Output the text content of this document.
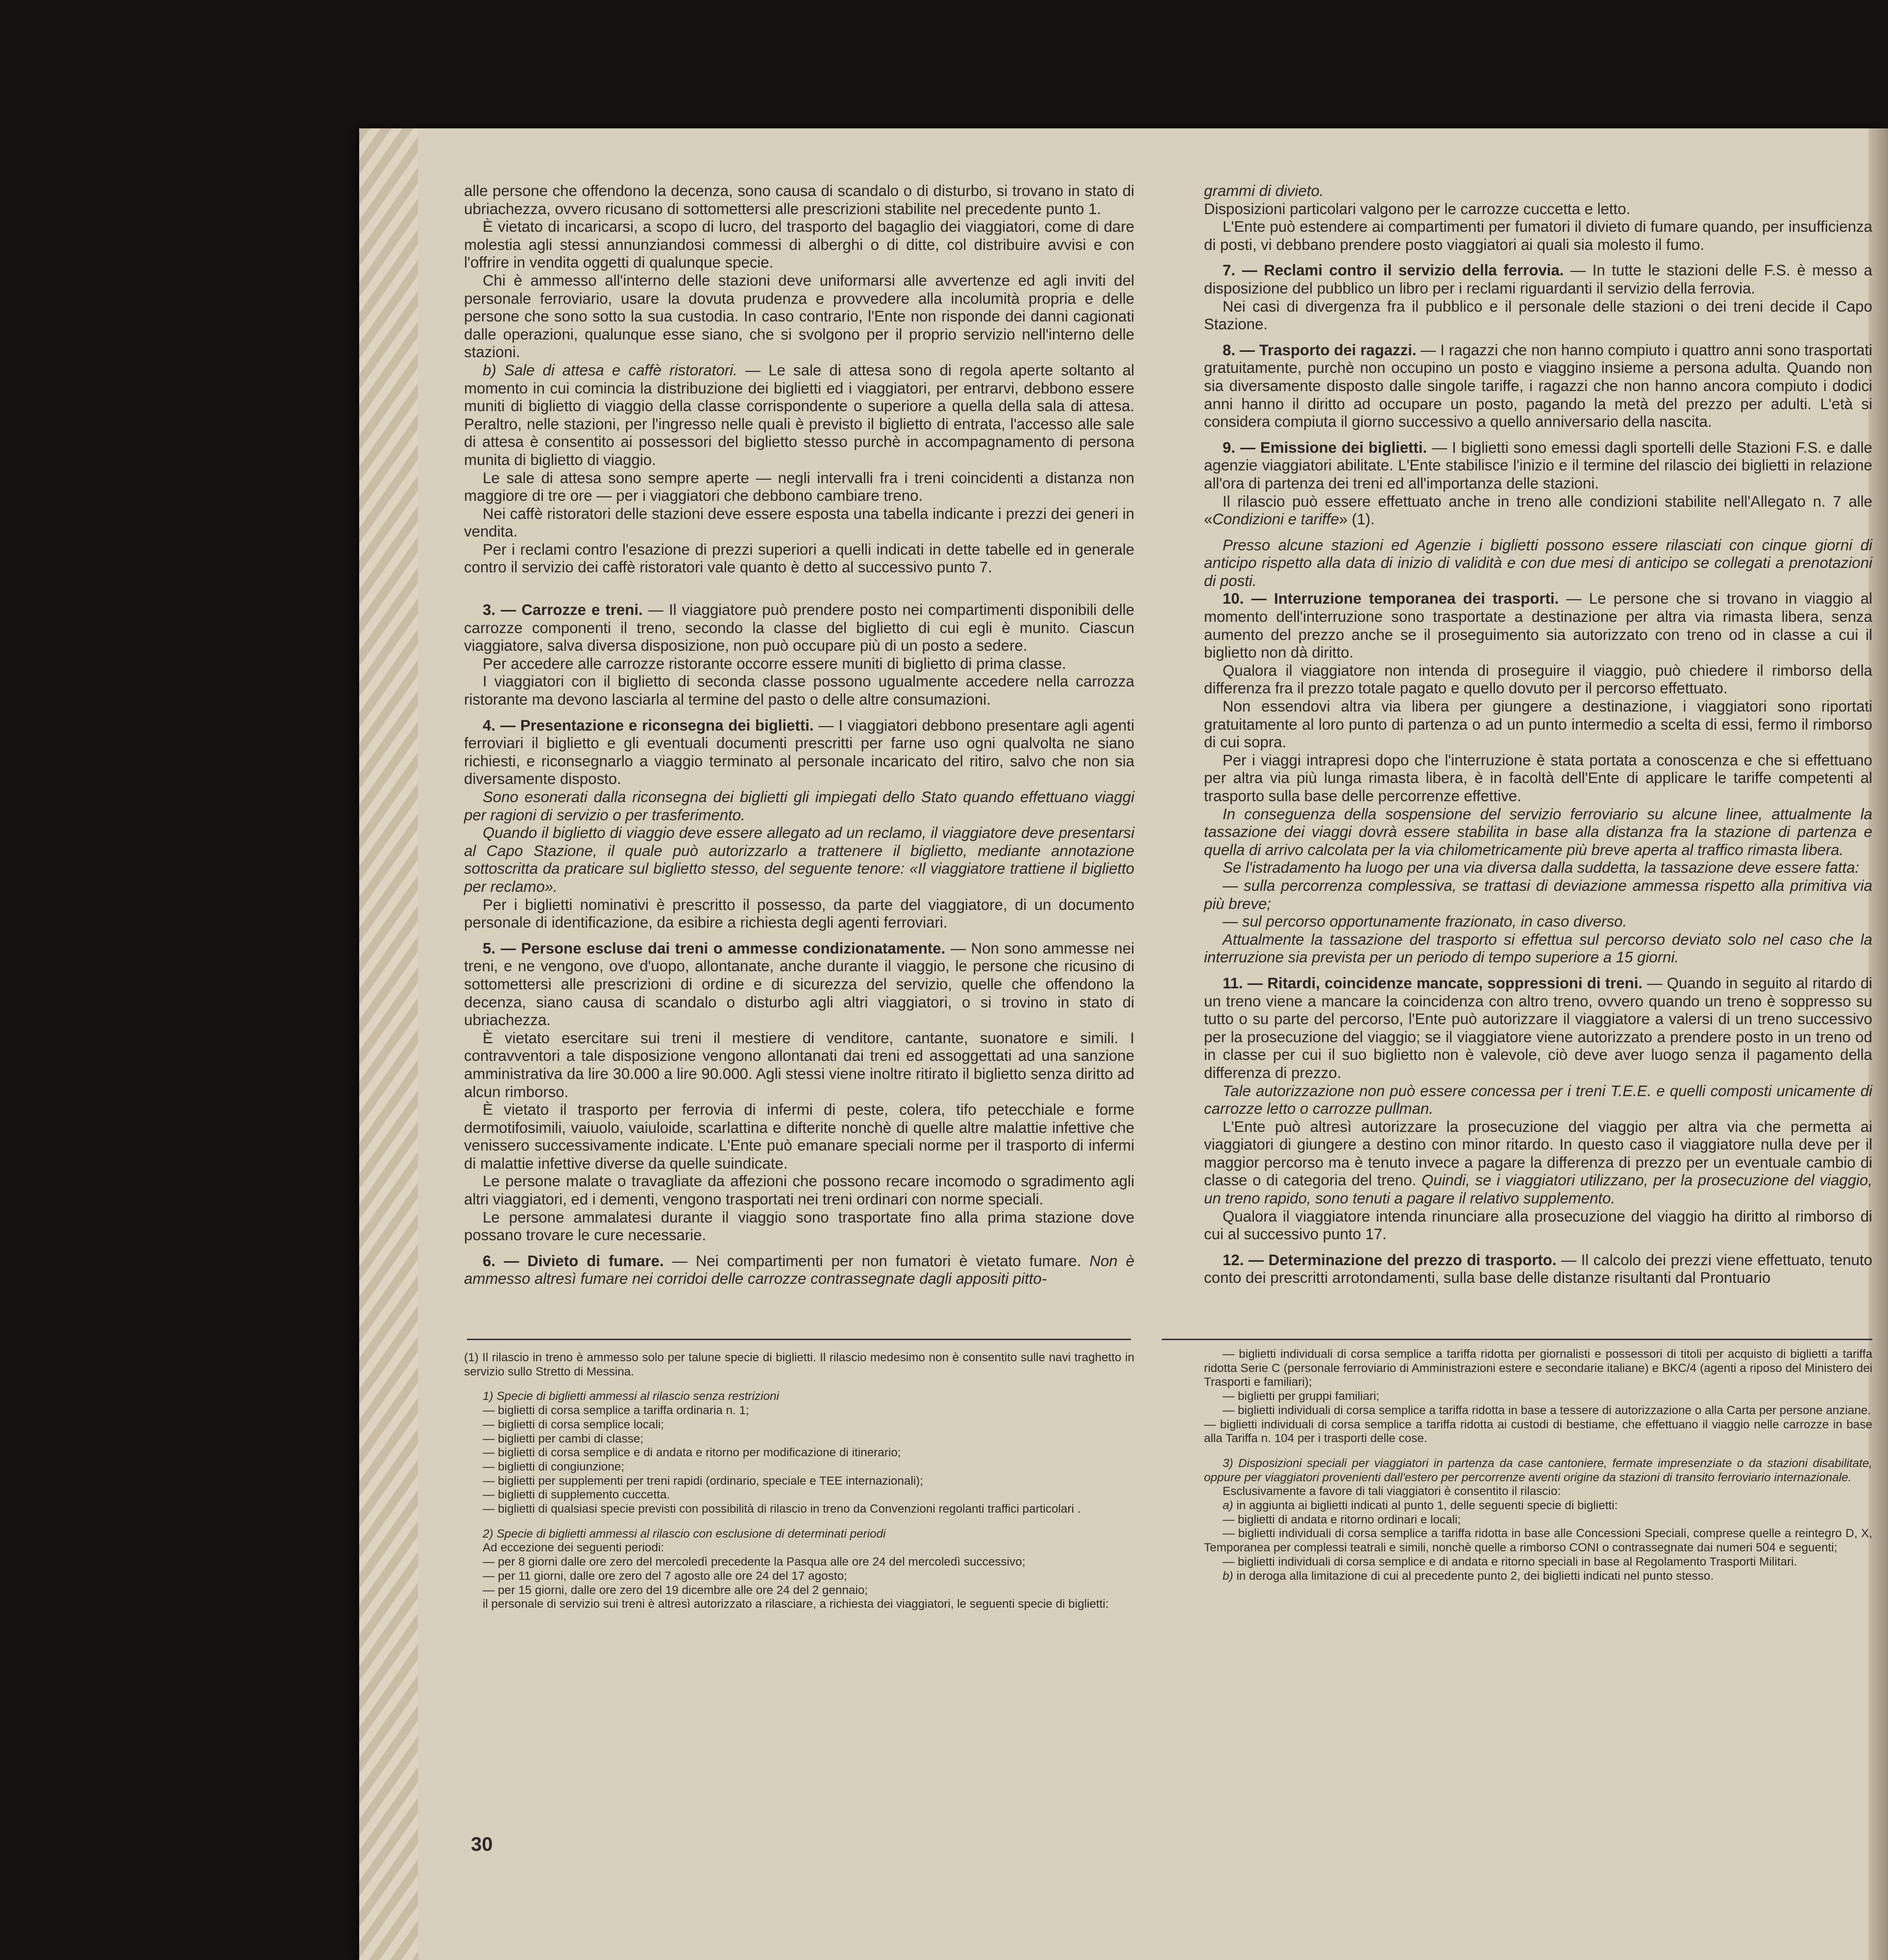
alle persone che offendono la decenza, sono causa di scandalo o di disturbo, si trovano in stato di ubriachezza, ovvero ricusano di sottomettersi alle prescrizioni stabilite nel precedente punto 1.

È vietato di incaricarsi, a scopo di lucro, del trasporto del bagaglio dei viaggiatori, come di dare molestia agli stessi annunziandosi commessi di alberghi o di ditte, col distribuire avvisi e con l'offrire in vendita oggetti di qualunque specie.

Chi è ammesso all'interno delle stazioni deve uniformarsi alle avvertenze ed agli inviti del personale ferroviario, usare la dovuta prudenza e provvedere alla incolumità propria e delle persone che sono sotto la sua custodia. In caso contrario, l'Ente non risponde dei danni cagionati dalle operazioni, qualunque esse siano, che si svolgono per il proprio servizio nell'interno delle stazioni.

b) Sale di attesa e caffè ristoratori. — Le sale di attesa sono di regola aperte soltanto al momento in cui comincia la distribuzione dei biglietti ed i viaggiatori, per entrarvi, debbono essere muniti di biglietto di viaggio della classe corrispondente o superiore a quella della sala di attesa. Peraltro, nelle stazioni, per l'ingresso nelle quali è previsto il biglietto di entrata, l'accesso alle sale di attesa è consentito ai possessori del biglietto stesso purchè in accompagnamento di persona munita di biglietto di viaggio.

Le sale di attesa sono sempre aperte — negli intervalli fra i treni coincidenti a distanza non maggiore di tre ore — per i viaggiatori che debbono cambiare treno.

Nei caffè ristoratori delle stazioni deve essere esposta una tabella indicante i prezzi dei generi in vendita.

Per i reclami contro l'esazione di prezzi superiori a quelli indicati in dette tabelle ed in generale contro il servizio dei caffè ristoratori vale quanto è detto al successivo punto 7.

3. — Carrozze e treni. — Il viaggiatore può prendere posto nei compartimenti disponibili delle carrozze componenti il treno, secondo la classe del biglietto di cui egli è munito. Ciascun viaggiatore, salva diversa disposizione, non può occupare più di un posto a sedere.

Per accedere alle carrozze ristorante occorre essere muniti di biglietto di prima classe.

I viaggiatori con il biglietto di seconda classe possono ugualmente accedere nella carrozza ristorante ma devono lasciarla al termine del pasto o delle altre consumazioni.

4. — Presentazione e riconsegna dei biglietti. — I viaggiatori debbono presentare agli agenti ferroviari il biglietto e gli eventuali documenti prescritti per farne uso ogni qualvolta ne siano richiesti, e riconsegnarlo a viaggio terminato al personale incaricato del ritiro, salvo che non sia diversamente disposto.

Sono esonerati dalla riconsegna dei biglietti gli impiegati dello Stato quando effettuano viaggi per ragioni di servizio o per trasferimento.

Quando il biglietto di viaggio deve essere allegato ad un reclamo, il viaggiatore deve presentarsi al Capo Stazione, il quale può autorizzarlo a trattenere il biglietto, mediante annotazione sottoscritta da praticare sul biglietto stesso, del seguente tenore: «Il viaggiatore trattiene il biglietto per reclamo».

Per i biglietti nominativi è prescritto il possesso, da parte del viaggiatore, di un documento personale di identificazione, da esibire a richiesta degli agenti ferroviari.

5. — Persone escluse dai treni o ammesse condizionatamente. — Non sono ammesse nei treni, e ne vengono, ove d'uopo, allontanate, anche durante il viaggio, le persone che ricusino di sottomettersi alle prescrizioni di ordine e di sicurezza del servizio, quelle che offendono la decenza, siano causa di scandalo o disturbo agli altri viaggiatori, o si trovino in stato di ubriachezza.

È vietato esercitare sui treni il mestiere di venditore, cantante, suonatore e simili. I contravventori a tale disposizione vengono allontanati dai treni ed assoggettati ad una sanzione amministrativa da lire 30.000 a lire 90.000. Agli stessi viene inoltre ritirato il biglietto senza diritto ad alcun rimborso.

È vietato il trasporto per ferrovia di infermi di peste, colera, tifo petecchiale e forme dermotifosimili, vaiuolo, vaiuloide, scarlattina e difterite nonchè di quelle altre malattie infettive che venissero successivamente indicate. L'Ente può emanare speciali norme per il trasporto di infermi di malattie infettive diverse da quelle suindicate.

Le persone malate o travagliate da affezioni che possono recare incomodo o sgradimento agli altri viaggiatori, ed i dementi, vengono trasportati nei treni ordinari con norme speciali.

Le persone ammalatesi durante il viaggio sono trasportate fino alla prima stazione dove possano trovare le cure necessarie.

6. — Divieto di fumare. — Nei compartimenti per non fumatori è vietato fumare. Non è ammesso altresì fumare nei corridoi delle carrozze contrassegnate dagli appositi pitto-

grammi di divieto.

Disposizioni particolari valgono per le carrozze cuccetta e letto.

L'Ente può estendere ai compartimenti per fumatori il divieto di fumare quando, per insufficienza di posti, vi debbano prendere posto viaggiatori ai quali sia molesto il fumo.

7. — Reclami contro il servizio della ferrovia. — In tutte le stazioni delle F.S. è messo a disposizione del pubblico un libro per i reclami riguardanti il servizio della ferrovia.

Nei casi di divergenza fra il pubblico e il personale delle stazioni o dei treni decide il Capo Stazione.

8. — Trasporto dei ragazzi. — I ragazzi che non hanno compiuto i quattro anni sono trasportati gratuitamente, purchè non occupino un posto e viaggino insieme a persona adulta. Quando non sia diversamente disposto dalle singole tariffe, i ragazzi che non hanno ancora compiuto i dodici anni hanno il diritto ad occupare un posto, pagando la metà del prezzo per adulti. L'età si considera compiuta il giorno successivo a quello anniversario della nascita.

9. — Emissione dei biglietti. — I biglietti sono emessi dagli sportelli delle Stazioni F.S. e dalle agenzie viaggiatori abilitate. L'Ente stabilisce l'inizio e il termine del rilascio dei biglietti in relazione all'ora di partenza dei treni ed all'importanza delle stazioni.

Il rilascio può essere effettuato anche in treno alle condizioni stabilite nell'Allegato n. 7 alle «Condizioni e tariffe» (1).

Presso alcune stazioni ed Agenzie i biglietti possono essere rilasciati con cinque giorni di anticipo rispetto alla data di inizio di validità e con due mesi di anticipo se collegati a prenotazioni di posti.

10. — Interruzione temporanea dei trasporti. — Le persone che si trovano in viaggio al momento dell'interruzione sono trasportate a destinazione per altra via rimasta libera, senza aumento del prezzo anche se il proseguimento sia autorizzato con treno od in classe a cui il biglietto non dà diritto.

Qualora il viaggiatore non intenda di proseguire il viaggio, può chiedere il rimborso della differenza fra il prezzo totale pagato e quello dovuto per il percorso effettuato.

Non essendovi altra via libera per giungere a destinazione, i viaggiatori sono riportati gratuitamente al loro punto di partenza o ad un punto intermedio a scelta di essi, fermo il rimborso di cui sopra.

Per i viaggi intrapresi dopo che l'interruzione è stata portata a conoscenza e che si effettuano per altra via più lunga rimasta libera, è in facoltà dell'Ente di applicare le tariffe competenti al trasporto sulla base delle percorrenze effettive.

In conseguenza della sospensione del servizio ferroviario su alcune linee, attualmente la tassazione dei viaggi dovrà essere stabilita in base alla distanza fra la stazione di partenza e quella di arrivo calcolata per la via chilometricamente più breve aperta al traffico rimasta libera.

Se l'istradamento ha luogo per una via diversa dalla suddetta, la tassazione deve essere fatta:

— sulla percorrenza complessiva, se trattasi di deviazione ammessa rispetto alla primitiva via più breve;

— sul percorso opportunamente frazionato, in caso diverso.

Attualmente la tassazione del trasporto si effettua sul percorso deviato solo nel caso che la interruzione sia prevista per un periodo di tempo superiore a 15 giorni.

11. — Ritardi, coincidenze mancate, soppressioni di treni. — Quando in seguito al ritardo di un treno viene a mancare la coincidenza con altro treno, ovvero quando un treno è soppresso su tutto o su parte del percorso, l'Ente può autorizzare il viaggiatore a valersi di un treno successivo per la prosecuzione del viaggio; se il viaggiatore viene autorizzato a prendere posto in un treno od in classe per cui il suo biglietto non è valevole, ciò deve aver luogo senza il pagamento della differenza di prezzo.

Tale autorizzazione non può essere concessa per i treni T.E.E. e quelli composti unicamente di carrozze letto o carrozze pullman.

L'Ente può altresì autorizzare la prosecuzione del viaggio per altra via che permetta ai viaggiatori di giungere a destino con minor ritardo. In questo caso il viaggiatore nulla deve per il maggior percorso ma è tenuto invece a pagare la differenza di prezzo per un eventuale cambio di classe o di categoria del treno. Quindi, se i viaggiatori utilizzano, per la prosecuzione del viaggio, un treno rapido, sono tenuti a pagare il relativo supplemento.

Qualora il viaggiatore intenda rinunciare alla prosecuzione del viaggio ha diritto al rimborso di cui al successivo punto 17.

12. — Determinazione del prezzo di trasporto. — Il calcolo dei prezzi viene effettuato, tenuto conto dei prescritti arrotondamenti, sulla base delle distanze risultanti dal Prontuario

(1) Il rilascio in treno è ammesso solo per talune specie di biglietti. Il rilascio medesimo non è consentito sulle navi traghetto in servizio sullo Stretto di Messina.

1) Specie di biglietti ammessi al rilascio senza restrizioni

— biglietti di corsa semplice a tariffa ordinaria n. 1;

— biglietti di corsa semplice locali;

— biglietti per cambi di classe;

— biglietti di corsa semplice e di andata e ritorno per modificazione di itinerario;

— biglietti di congiunzione;

— biglietti per supplementi per treni rapidi (ordinario, speciale e TEE internazionali);

— biglietti di supplemento cuccetta.

— biglietti di qualsiasi specie previsti con possibilità di rilascio in treno da Convenzioni regolanti traffici particolari .

2) Specie di biglietti ammessi al rilascio con esclusione di determinati periodi

Ad eccezione dei seguenti periodi:

— per 8 giorni dalle ore zero del mercoledì precedente la Pasqua alle ore 24 del mercoledì successivo;

— per 11 giorni, dalle ore zero del 7 agosto alle ore 24 del 17 agosto;

— per 15 giorni, dalle ore zero del 19 dicembre alle ore 24 del 2 gennaio;

il personale di servizio sui treni è altresì autorizzato a rilasciare, a richiesta dei viaggiatori, le seguenti specie di biglietti:

— biglietti individuali di corsa semplice a tariffa ridotta per giornalisti e possessori di titoli per acquisto di biglietti a tariffa ridotta Serie C (personale ferroviario di Amministrazioni estere e secondarie italiane) e BKC/4 (agenti a riposo del Ministero dei Trasporti e familiari);

— biglietti per gruppi familiari;

— biglietti individuali di corsa semplice a tariffa ridotta in base a tessere di autorizzazione o alla Carta per persone anziane.

— biglietti individuali di corsa semplice a tariffa ridotta ai custodi di bestiame, che effettuano il viaggio nelle carrozze in base alla Tariffa n. 104 per i trasporti delle cose.

3) Disposizioni speciali per viaggiatori in partenza da case cantoniere, fermate impresenziate o da stazioni disabilitate, oppure per viaggiatori provenienti dall'estero per percorrenze aventi origine da stazioni di transito ferroviario internazionale.

Esclusivamente a favore di tali viaggiatori è consentito il rilascio:

a) in aggiunta ai biglietti indicati al punto 1, delle seguenti specie di biglietti:

— biglietti di andata e ritorno ordinari e locali;

— biglietti individuali di corsa semplice a tariffa ridotta in base alle Concessioni Speciali, comprese quelle a reintegro D, X, Temporanea per complessi teatrali e simili, nonchè quelle a rimborso CONI o contrassegnate dai numeri 504 e seguenti;

— biglietti individuali di corsa semplice e di andata e ritorno speciali in base al Regolamento Trasporti Militari.

b) in deroga alla limitazione di cui al precedente punto 2, dei biglietti indicati nel punto stesso.

30
